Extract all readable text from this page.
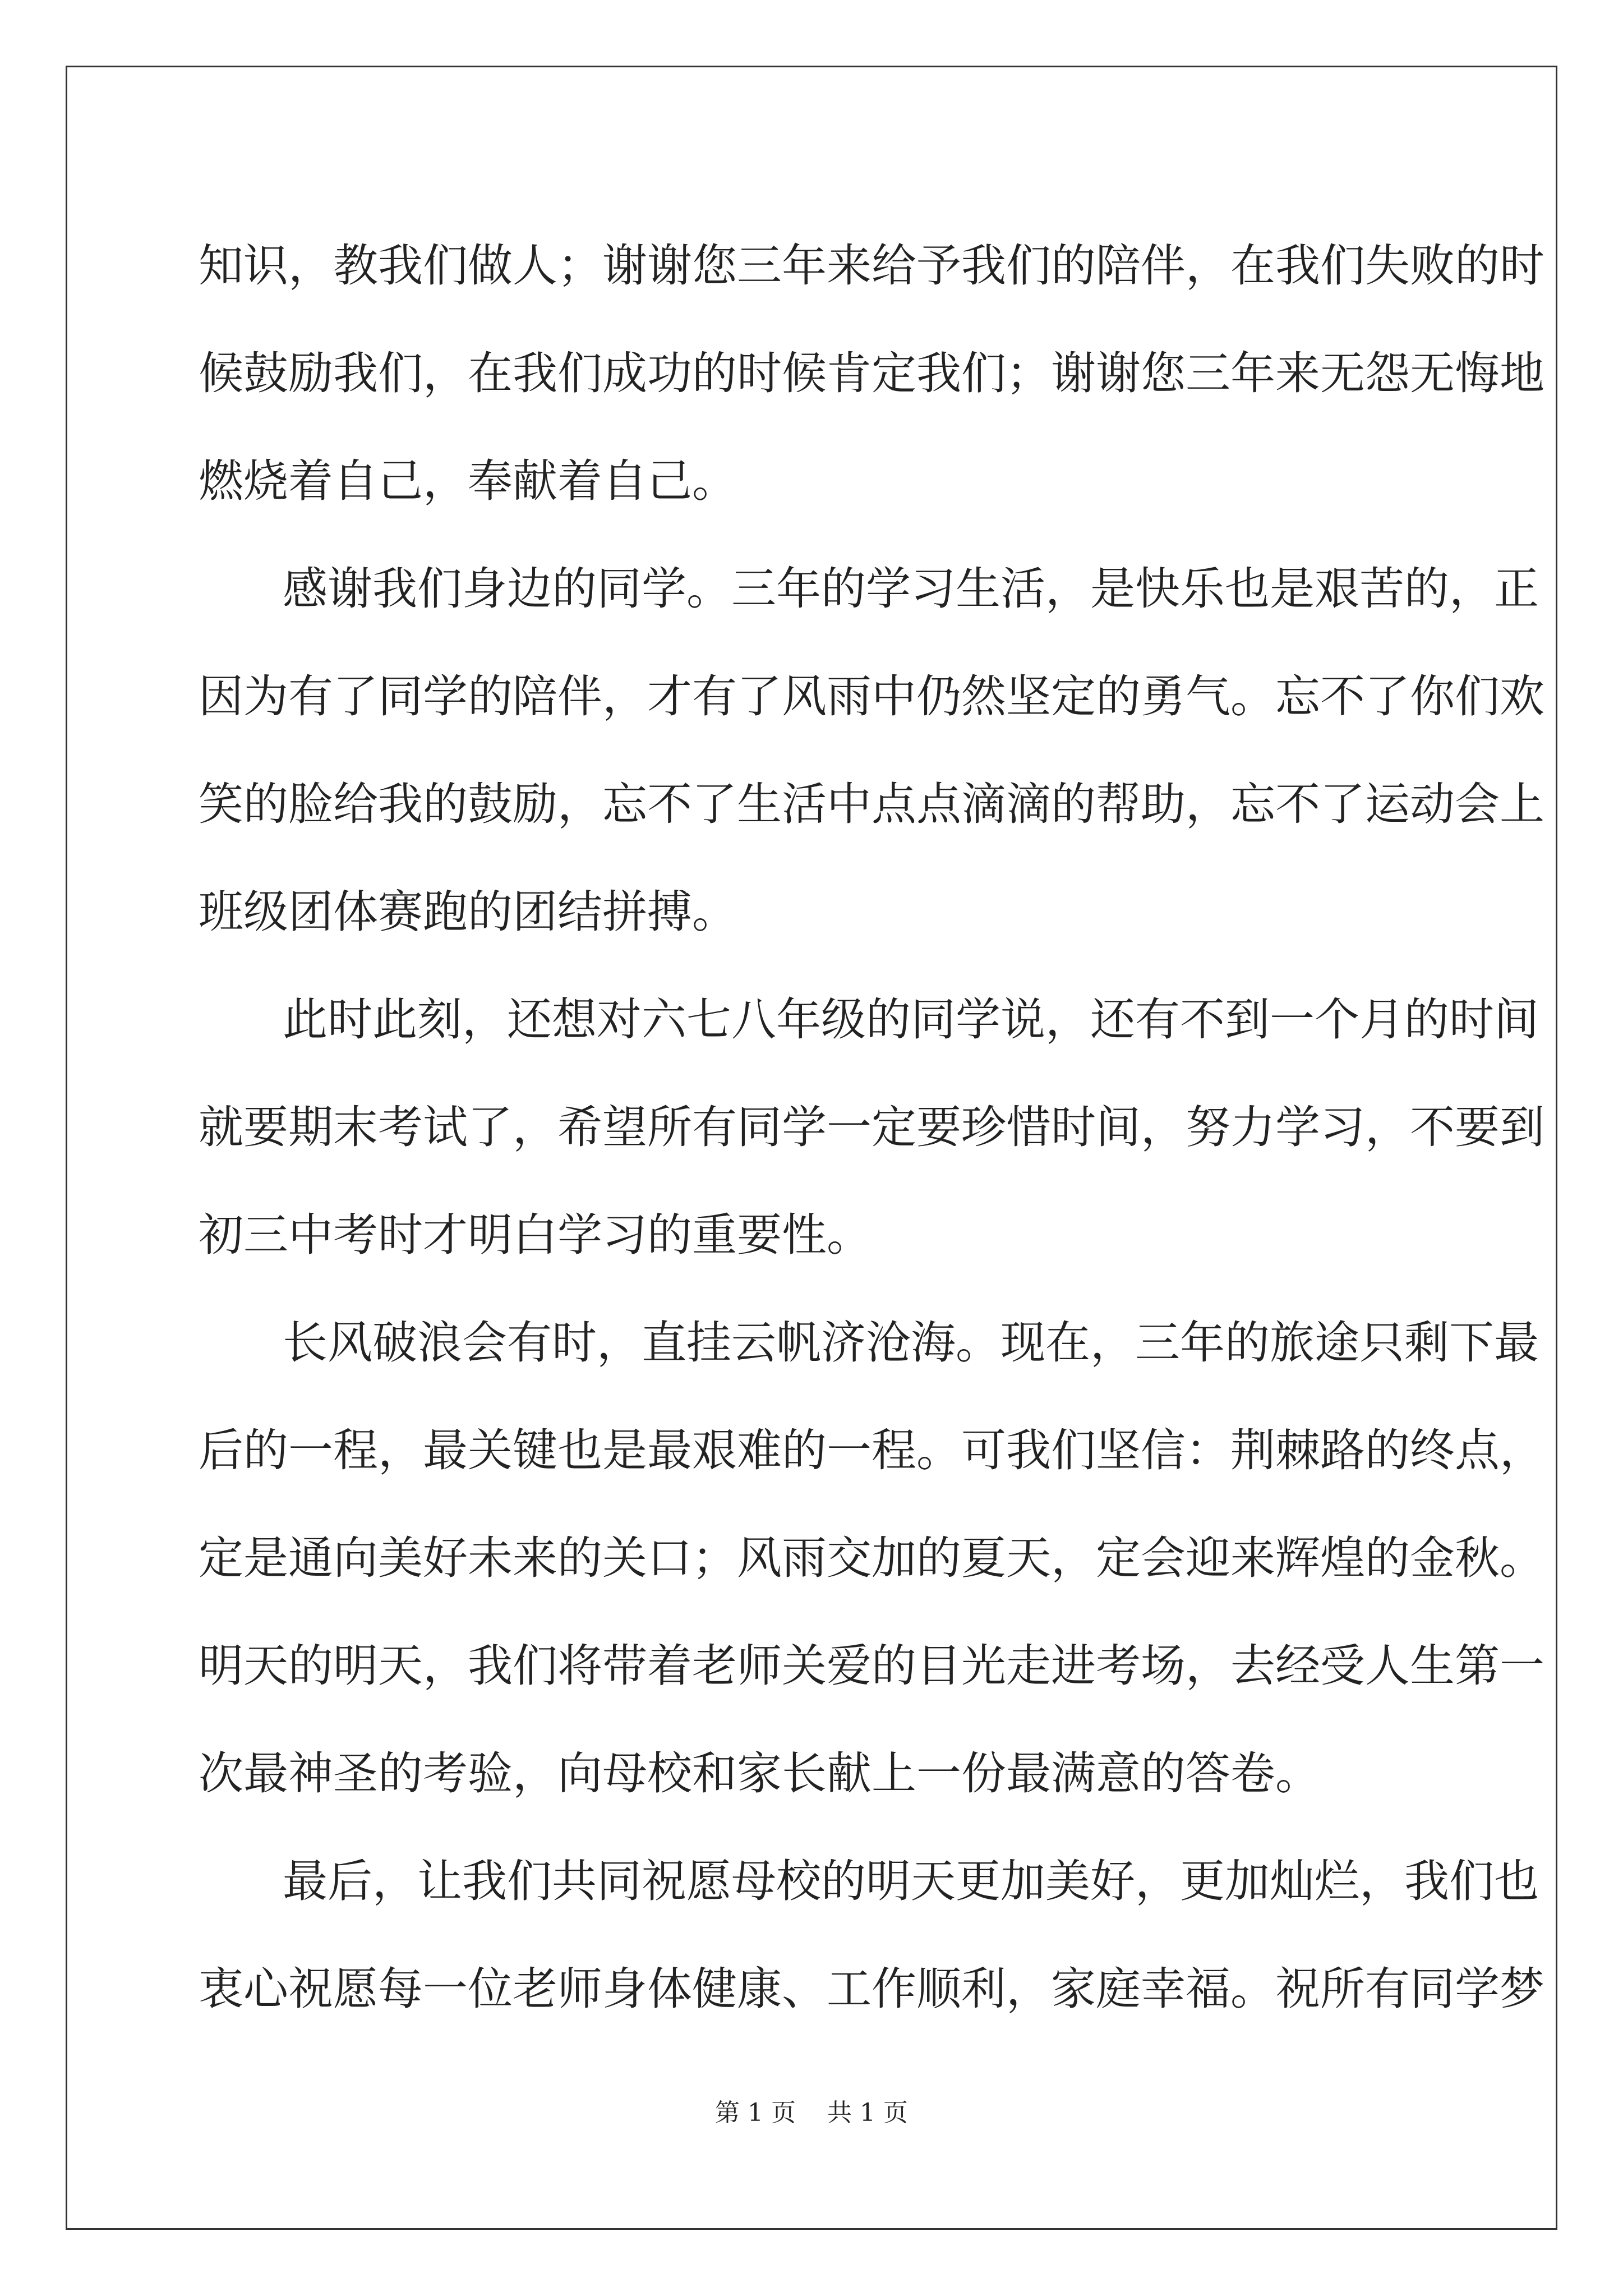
知识，教我们做人；谢谢您三年来给予我们的陪伴，在我们失败的时
候鼓励我们，在我们成功的时候肯定我们；谢谢您三年来无怨无悔地
燃烧着自己，奉献着自己。
感谢我们身边的同学。三年的学习生活，是快乐也是艰苦的，正
因为有了同学的陪伴，才有了风雨中仍然坚定的勇气。忘不了你们欢
笑的脸给我的鼓励，忘不了生活中点点滴滴的帮助，忘不了运动会上
班级团体赛跑的团结拼搏。
此时此刻，还想对六七八年级的同学说，还有不到一个月的时间
就要期末考试了，希望所有同学一定要珍惜时间，努力学习，不要到
初三中考时才明白学习的重要性。
长风破浪会有时，直挂云帆济沧海。现在，三年的旅途只剩下最
后的一程，最关键也是最艰难的一程。可我们坚信：荆棘路的终点，
定是通向美好未来的关口；风雨交加的夏天，定会迎来辉煌的金秋。
明天的明天，我们将带着老师关爱的目光走进考场，去经受人生第一
次最神圣的考验，向母校和家长献上一份最满意的答卷。
最后，让我们共同祝愿母校的明天更加美好，更加灿烂，我们也
衷心祝愿每一位老师身体健康、工作顺利，家庭幸福。祝所有同学梦
第 1 页    共 1 页
